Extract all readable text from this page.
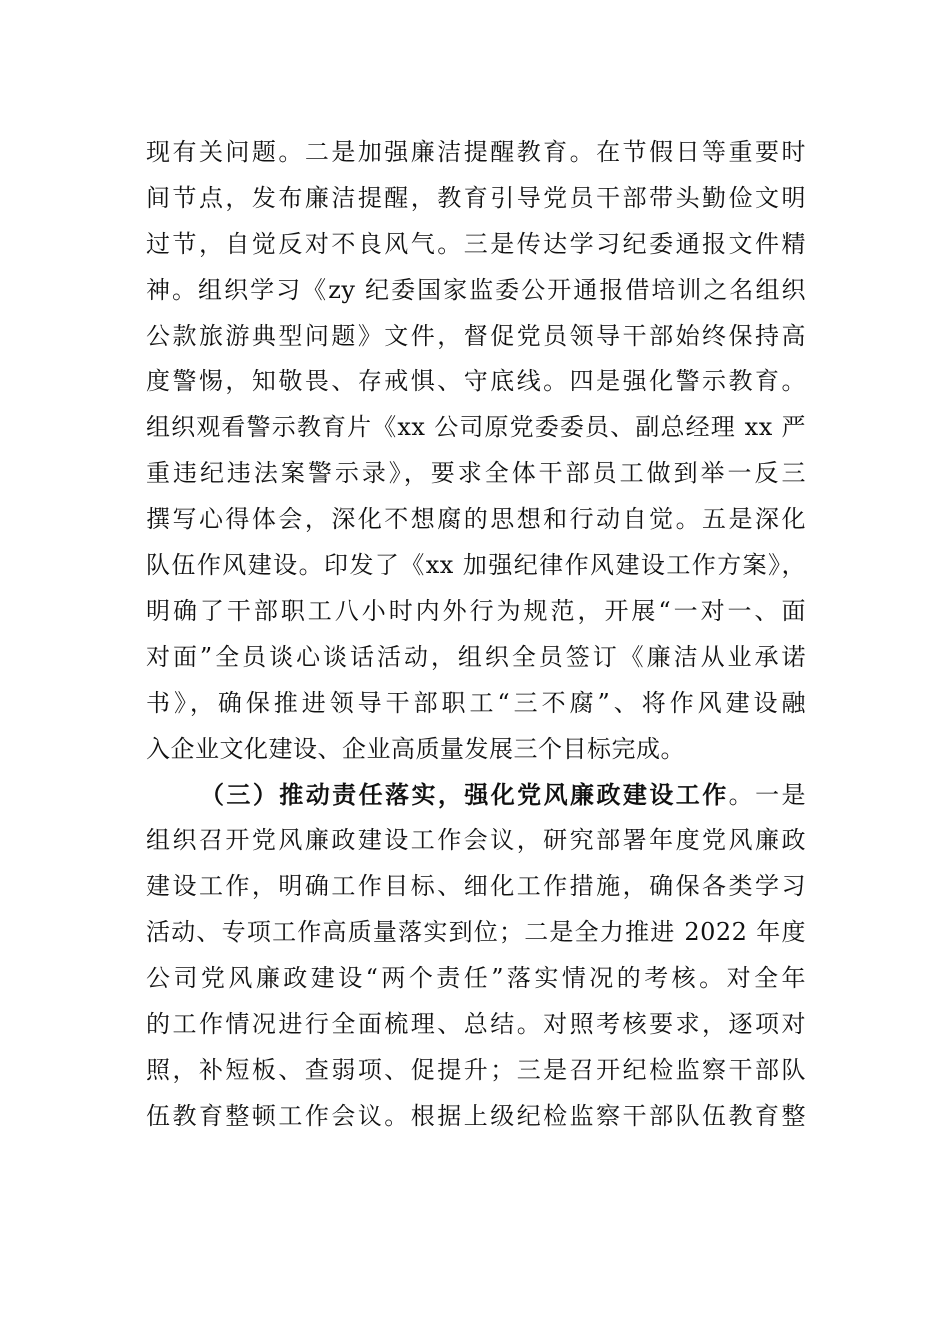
现有关问题。二是加强廉洁提醒教育。在节假日等重要时
间节点，发布廉洁提醒，教育引导党员干部带头勤俭文明
过节，自觉反对不良风气。三是传达学习纪委通报文件精
神。组织学习《zy 纪委国家监委公开通报借培训之名组织
公款旅游典型问题》文件，督促党员领导干部始终保持高
度警惕，知敬畏、存戒惧、守底线。四是强化警示教育。
组织观看警示教育片《xx 公司原党委委员、副总经理 xx 严
重违纪违法案警示录》，要求全体干部员工做到举一反三
撰写心得体会，深化不想腐的思想和行动自觉。五是深化
队伍作风建设。印发了《xx 加强纪律作风建设工作方案》，
明确了干部职工八小时内外行为规范，开展“一对一、面
对面”全员谈心谈话活动，组织全员签订《廉洁从业承诺
书》，确保推进领导干部职工“三不腐”、将作风建设融
入企业文化建设、企业高质量发展三个目标完成。
（三）推动责任落实，强化党风廉政建设工作。一是
组织召开党风廉政建设工作会议，研究部署年度党风廉政
建设工作，明确工作目标、细化工作措施，确保各类学习
活动、专项工作高质量落实到位；二是全力推进 2022 年度
公司党风廉政建设“两个责任”落实情况的考核。对全年
的工作情况进行全面梳理、总结。对照考核要求，逐项对
照，补短板、查弱项、促提升；三是召开纪检监察干部队
伍教育整顿工作会议。根据上级纪检监察干部队伍教育整
